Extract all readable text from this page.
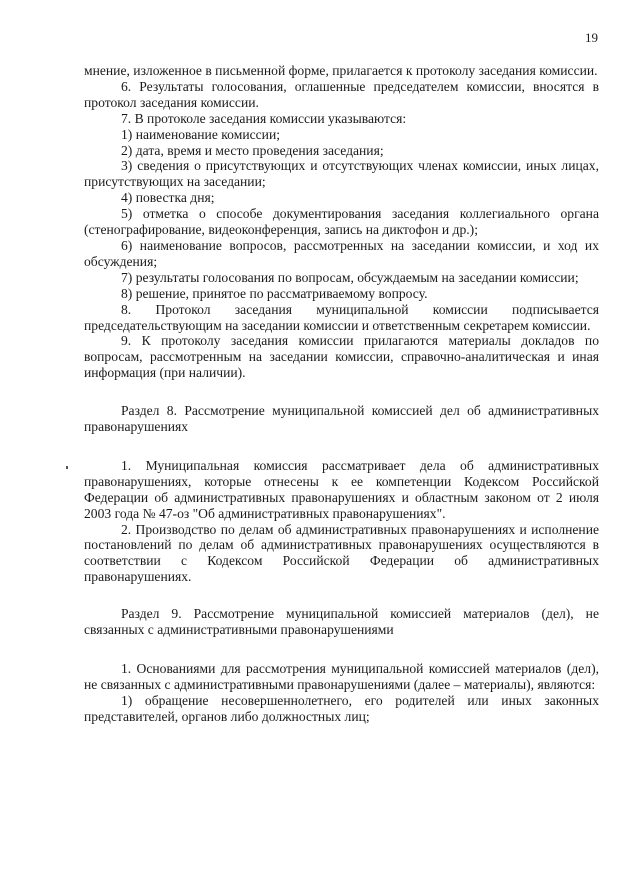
19

мнение, изложенное в письменной форме, прилагается к протоколу заседания комиссии.

6. Результаты голосования, оглашенные председателем комиссии, вносятся в протокол заседания комиссии.

7. В протоколе заседания комиссии указываются:

1) наименование комиссии;

2) дата, время и место проведения заседания;

3) сведения о присутствующих и отсутствующих членах комиссии, иных лицах, присутствующих на заседании;

4) повестка дня;

5) отметка о способе документирования заседания коллегиального органа (стенографирование, видеоконференция, запись на диктофон и др.);

6) наименование вопросов, рассмотренных на заседании комиссии, и ход их обсуждения;

7) результаты голосования по вопросам, обсуждаемым на заседании комиссии;

8) решение, принятое по рассматриваемому вопросу.

8. Протокол заседания муниципальной комиссии подписывается председательствующим на заседании комиссии и ответственным секретарем комиссии.

9. К протоколу заседания комиссии прилагаются материалы докладов по вопросам, рассмотренным на заседании комиссии, справочно-аналитическая и иная информация (при наличии).

Раздел 8. Рассмотрение муниципальной комиссией дел об административных правонарушениях

1. Муниципальная комиссия рассматривает дела об административных правонарушениях, которые отнесены к ее компетенции Кодексом Российской Федерации об административных правонарушениях и областным законом от 2 июля 2003 года № 47-оз "Об административных правонарушениях".

2. Производство по делам об административных правонарушениях и исполнение постановлений по делам об административных правонарушениях осуществляются в соответствии с Кодексом Российской Федерации об административных правонарушениях.

Раздел 9. Рассмотрение муниципальной комиссией материалов (дел), не связанных с административными правонарушениями

1. Основаниями для рассмотрения муниципальной комиссией материалов (дел), не связанных с административными правонарушениями (далее – материалы), являются:

1) обращение несовершеннолетнего, его родителей или иных законных представителей, органов либо должностных лиц;
